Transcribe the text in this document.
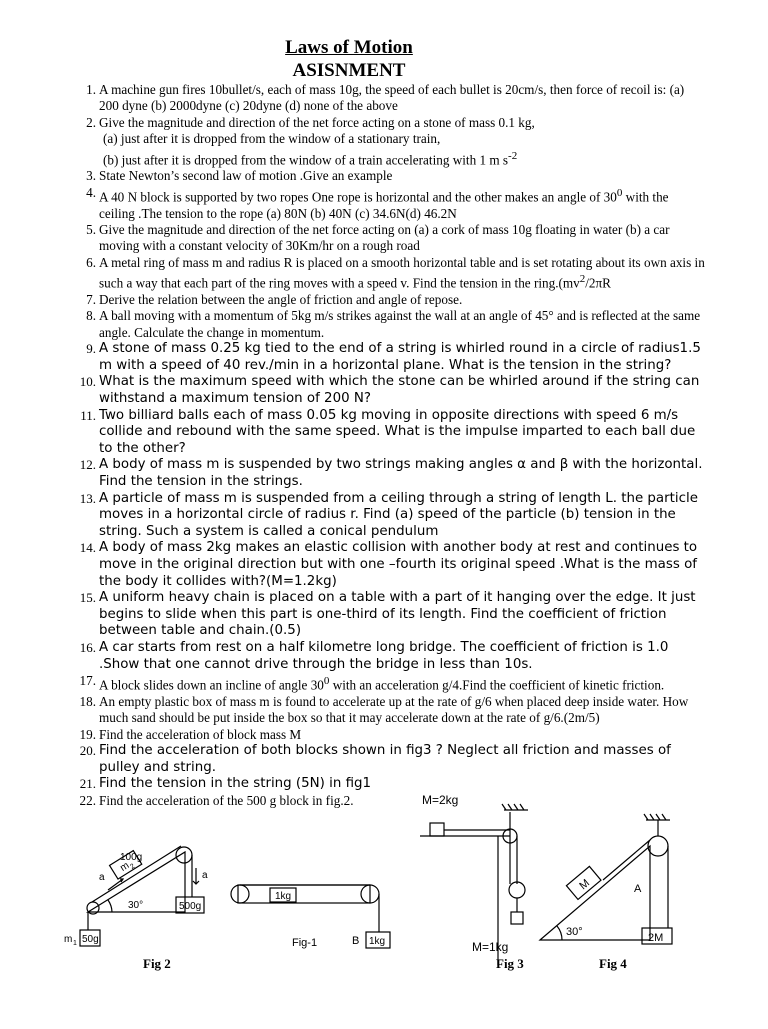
Laws of Motion
ASISNMENT
1. A machine gun fires 10bullet/s, each of mass 10g, the speed of each bullet is 20cm/s, then force of recoil is: (a) 200 dyne (b) 2000dyne (c) 20dyne (d) none of the above
2. Give the magnitude and direction of the net force acting on a stone of mass 0.1 kg,
(a) just after it is dropped from the window of a stationary train,
(b) just after it is dropped from the window of a train accelerating with 1 m $s^{-2}$
3. State Newton’s second law of motion .Give an example
4. A 40 N block is supported by two ropes One rope is horizontal and the other makes an angle of $30^0$ with the ceiling .The tension to the rope (a) 80N (b) 40N (c) 34.6N(d) 46.2N
5. Give the magnitude and direction of the net force acting on (a) a cork of mass 10g floating in water (b) a car moving with a constant velocity of 30Km/hr on a rough road
6. A metal ring of mass m and radius R is placed on a smooth horizontal table and is set rotating about its own axis in such a way that each part of the ring moves with a speed v. Find the tension in the $ring.(mv^2/2\pi R$
7. Derive the relation between the angle of friction and angle of repose.
8. A ball moving with a momentum of 5kg m/s strikes against the wall at an angle of 45° and is reflected at the same angle. Calculate the change in momentum.
9. A stone of mass 0.25 kg tied to the end of a string is whirled round in a circle of radius1.5 m with a speed of 40 rev./min in a horizontal plane. What is the tension in the string?
10. What is the maximum speed with which the stone can be whirled around if the string can withstand a maximum tension of 200 N?
11. Two billiard balls each of mass 0.05 kg moving in opposite directions with speed 6 m/s collide and rebound with the same speed. What is the impulse imparted to each ball due to the other?
12. A body of mass m is suspended by two strings making angles α and β with the horizontal. Find the tension in the strings.
13. A particle of mass m is suspended from a ceiling through a string of length L. the particle moves in a horizontal circle of radius r. Find (a) speed of the particle (b) tension in the string. Such a system is called a conical pendulum
14. A body of mass 2kg makes an elastic collision with another body at rest and continues to move in the original direction but with one –fourth its original speed .What is the mass of the body it collides with?(M=1.2kg)
15. A uniform heavy chain is placed on a table with a part of it hanging over the edge. It just begins to slide when this part is one-third of its length. Find the coefficient of friction between table and chain.(0.5)
16. A car starts from rest on a half kilometre long bridge. The coefficient of friction is 1.0 .Show that one cannot drive through the bridge in less than 10s.
17. A block slides down an incline of angle $30^0$ with an acceleration g/4.Find the coefficient of kinetic friction.
18. An empty plastic box of mass m is found to accelerate up at the rate of g/6 when placed deep inside water. How much sand should be put inside the box so that it may accelerate down at the rate of g/6.(2m/5)
19. Find the acceleration of block mass M
20. Find the acceleration of both blocks shown in fig3 ? Neglect all friction and masses of pulley and string.
21. Find the tension in the string (5N) in fig1
22. Find the acceleration of the 500 g block in fig.2.	M=2kg
500g
m
2
100g
a	a
30°
50g
m 1
1kg
1kg
B
Fig-1	M=1kg
M	A
2M
30°
Fig 2	Fig 3	Fig 4
